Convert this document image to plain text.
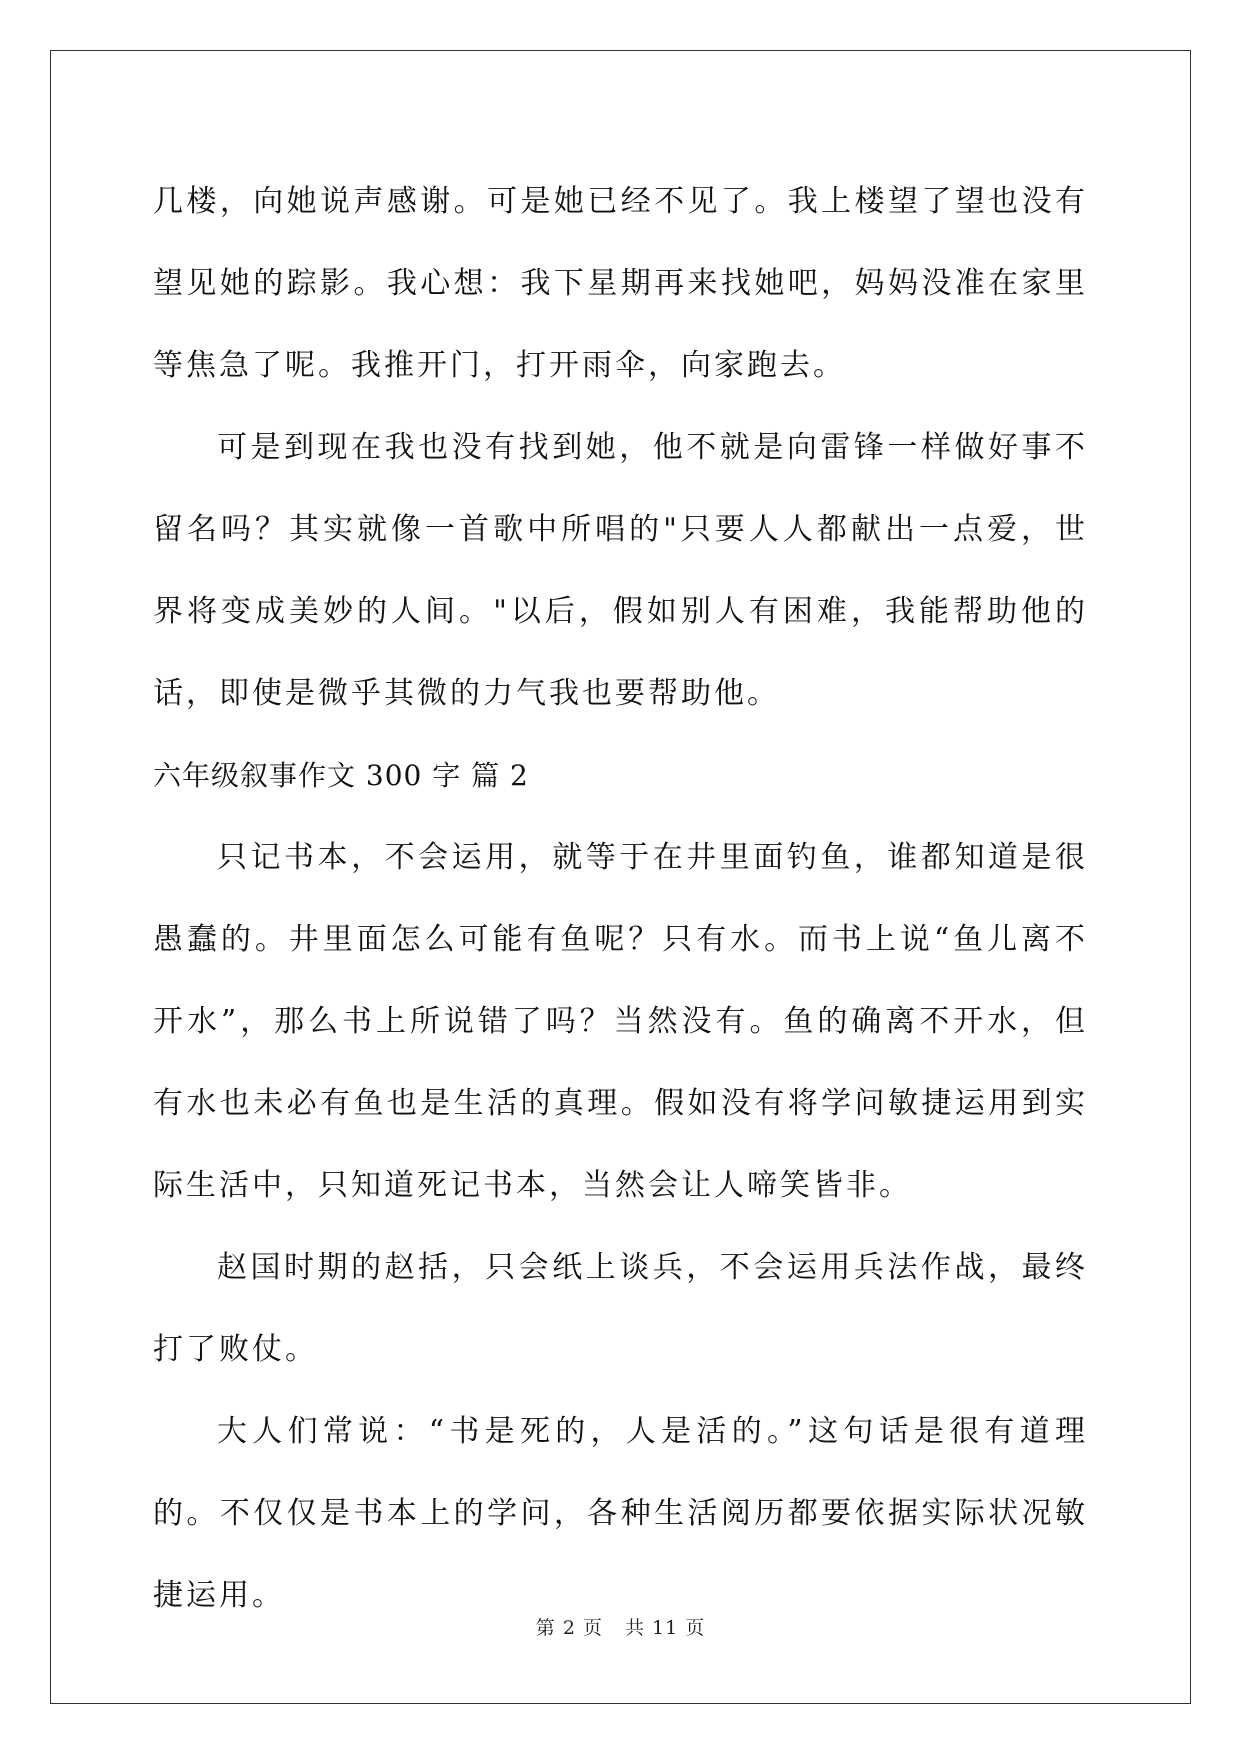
几楼，向她说声感谢。可是她已经不见了。我上楼望了望也没有望见她的踪影。我心想：我下星期再来找她吧，妈妈没准在家里等焦急了呢。我推开门，打开雨伞，向家跑去。

可是到现在我也没有找到她，他不就是向雷锋一样做好事不留名吗？其实就像一首歌中所唱的"只要人人都献出一点爱，世界将变成美妙的人间。"以后，假如别人有困难，我能帮助他的话，即使是微乎其微的力气我也要帮助他。

六年级叙事作文 300 字 篇 2

只记书本，不会运用，就等于在井里面钓鱼，谁都知道是很愚蠢的。井里面怎么可能有鱼呢？只有水。而书上说“鱼儿离不开水”，那么书上所说错了吗？当然没有。鱼的确离不开水，但有水也未必有鱼也是生活的真理。假如没有将学问敏捷运用到实际生活中，只知道死记书本，当然会让人啼笑皆非。

赵国时期的赵括，只会纸上谈兵，不会运用兵法作战，最终打了败仗。

大人们常说：“书是死的，人是活的。”这句话是很有道理的。不仅仅是书本上的学问，各种生活阅历都要依据实际状况敏捷运用。

第 2 页 共 11 页
